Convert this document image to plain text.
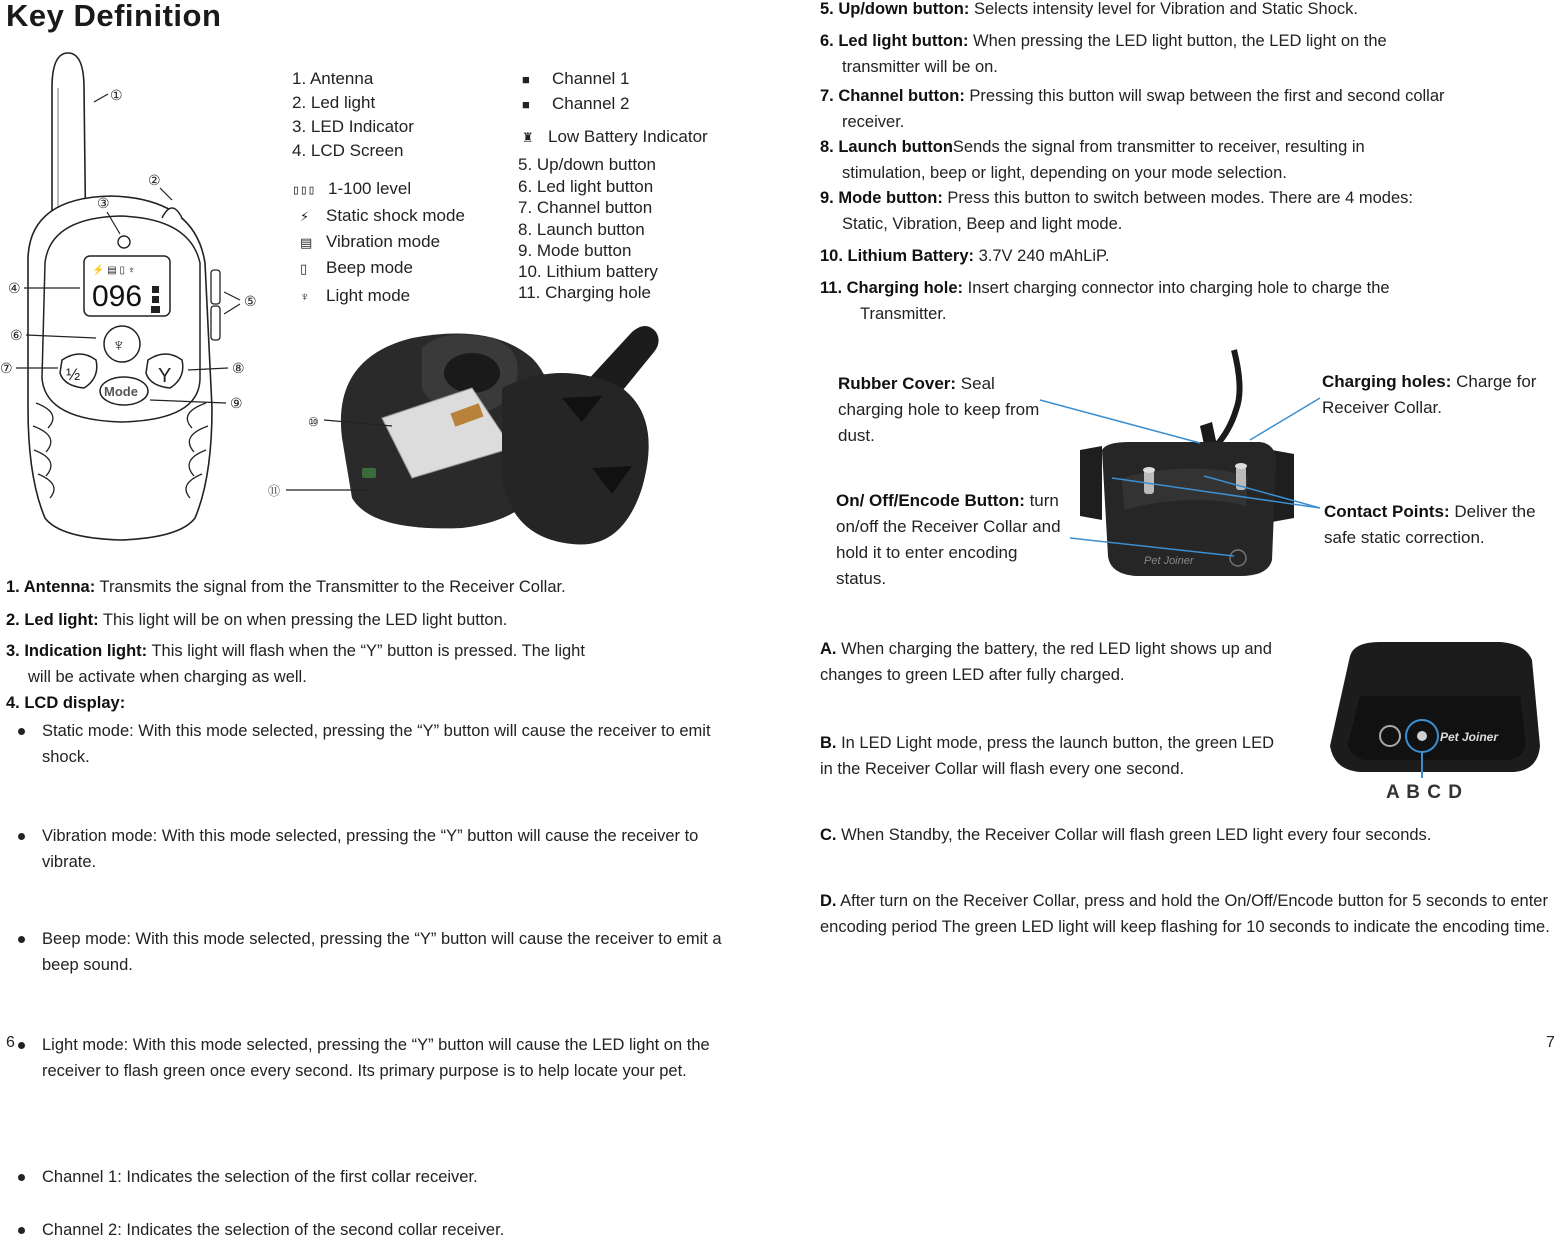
Key Definition
⚡ ▤ ▯ ♆
096
♆
½	Y
Mode
①
②
③
④
⑤
⑥
⑦	⑧
⑨
1. Antenna
2. Led light
3. LED Indicator
4. LCD Screen
▯▯▯ 1-100 level
⚡ Static shock mode
▤ Vibration mode
▯ Beep mode
♆ Light mode
■ Channel 1
■ Channel 2
♜ Low Battery Indicator
5. Up/down button
6. Led light button
7. Channel button
8. Launch button
9. Mode button
10. Lithium battery
11. Charging hole
⑩
⑪
1. Antenna: Transmits the signal from the Transmitter to the Receiver Collar.
2. Led light: This light will be on when pressing the LED light button.
3. Indication light: This light will flash when the “Y” button is pressed. The light
will be activate when charging as well.
4. LCD display:
Static mode: With this mode selected, pressing the “Y” button will cause the receiver to emit shock.
Vibration mode: With this mode selected, pressing the “Y” button will cause the receiver to vibrate.
Beep mode: With this mode selected, pressing the “Y” button will cause the receiver to emit a beep sound.
Light mode: With this mode selected, pressing the “Y” button will cause the LED light on the receiver to flash green once every second. Its primary purpose is to help locate your pet.
Channel 1: Indicates the selection of the first collar receiver.
Channel 2: Indicates the selection of the second collar receiver.
6
5. Up/down button: Selects intensity level for Vibration and Static Shock.
6. Led light button: When pressing the LED light button, the LED light on the
transmitter will be on.
7. Channel button: Pressing this button will swap between the first and second collar
receiver.
8. Launch buttonSends the signal from transmitter to receiver, resulting in
stimulation, beep or light, depending on your mode selection.
9. Mode button: Press this button to switch between modes. There are 4 modes:
Static, Vibration, Beep and light mode.
10. Lithium Battery: 3.7V 240 mAhLiP.
11. Charging hole: Insert charging connector into charging hole to charge the
Transmitter.
Pet Joiner
Rubber Cover: Seal charging hole to keep from dust.
On/ Off/Encode Button: turn on/off the Receiver Collar and hold it to enter encoding status.
Charging holes: Charge for Receiver Collar.
Contact Points: Deliver the safe static correction.
A. When charging the battery, the red LED light shows up and changes to green LED after fully charged.
B. In LED Light mode, press the launch button, the green LED in the Receiver Collar will flash every one second.
C. When Standby, the Receiver Collar will flash green LED light every four seconds.
D. After turn on the Receiver Collar, press and hold the On/Off/Encode button for 5 seconds to enter encoding period The green LED light will keep flashing for 10 seconds to indicate the encoding time.
Pet Joiner
A B C D
7
